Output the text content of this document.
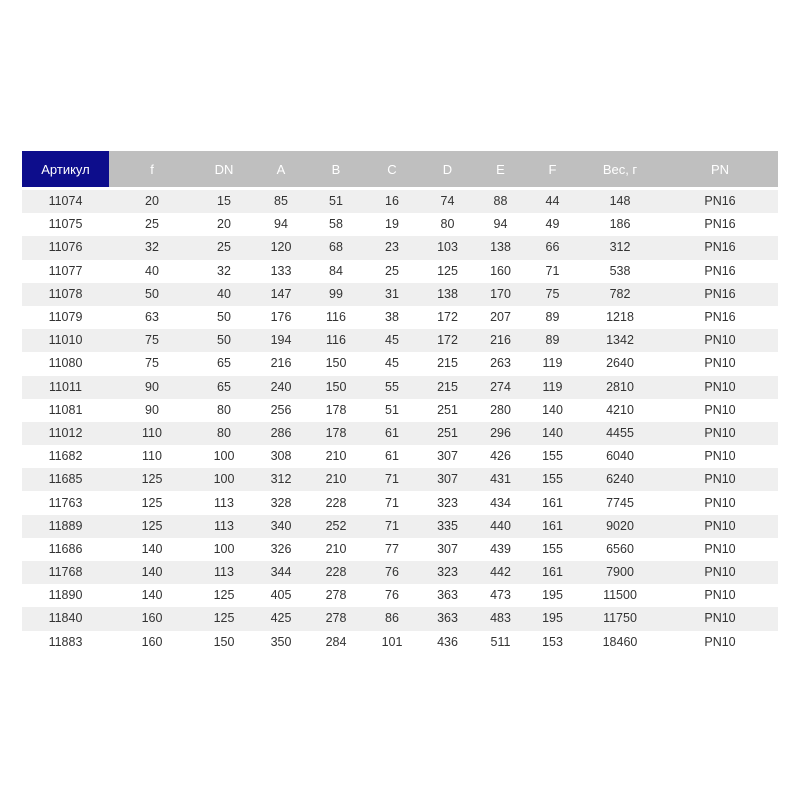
Артикул	f	DN	A	B	C	D	E	F	Вес, г	PN

11074	20	15	85	51	16	74	88	44	148	PN16
11075	25	20	94	58	19	80	94	49	186	PN16
11076	32	25	120	68	23	103	138	66	312	PN16
11077	40	32	133	84	25	125	160	71	538	PN16
11078	50	40	147	99	31	138	170	75	782	PN16
11079	63	50	176	116	38	172	207	89	1218	PN16
11010	75	50	194	116	45	172	216	89	1342	PN10
11080	75	65	216	150	45	215	263	119	2640	PN10
11011	90	65	240	150	55	215	274	119	2810	PN10
11081	90	80	256	178	51	251	280	140	4210	PN10
11012	110	80	286	178	61	251	296	140	4455	PN10
11682	110	100	308	210	61	307	426	155	6040	PN10
11685	125	100	312	210	71	307	431	155	6240	PN10
11763	125	113	328	228	71	323	434	161	7745	PN10
11889	125	113	340	252	71	335	440	161	9020	PN10
11686	140	100	326	210	77	307	439	155	6560	PN10
11768	140	113	344	228	76	323	442	161	7900	PN10
11890	140	125	405	278	76	363	473	195	11500	PN10
11840	160	125	425	278	86	363	483	195	11750	PN10
11883	160	150	350	284	101	436	511	153	18460	PN10
